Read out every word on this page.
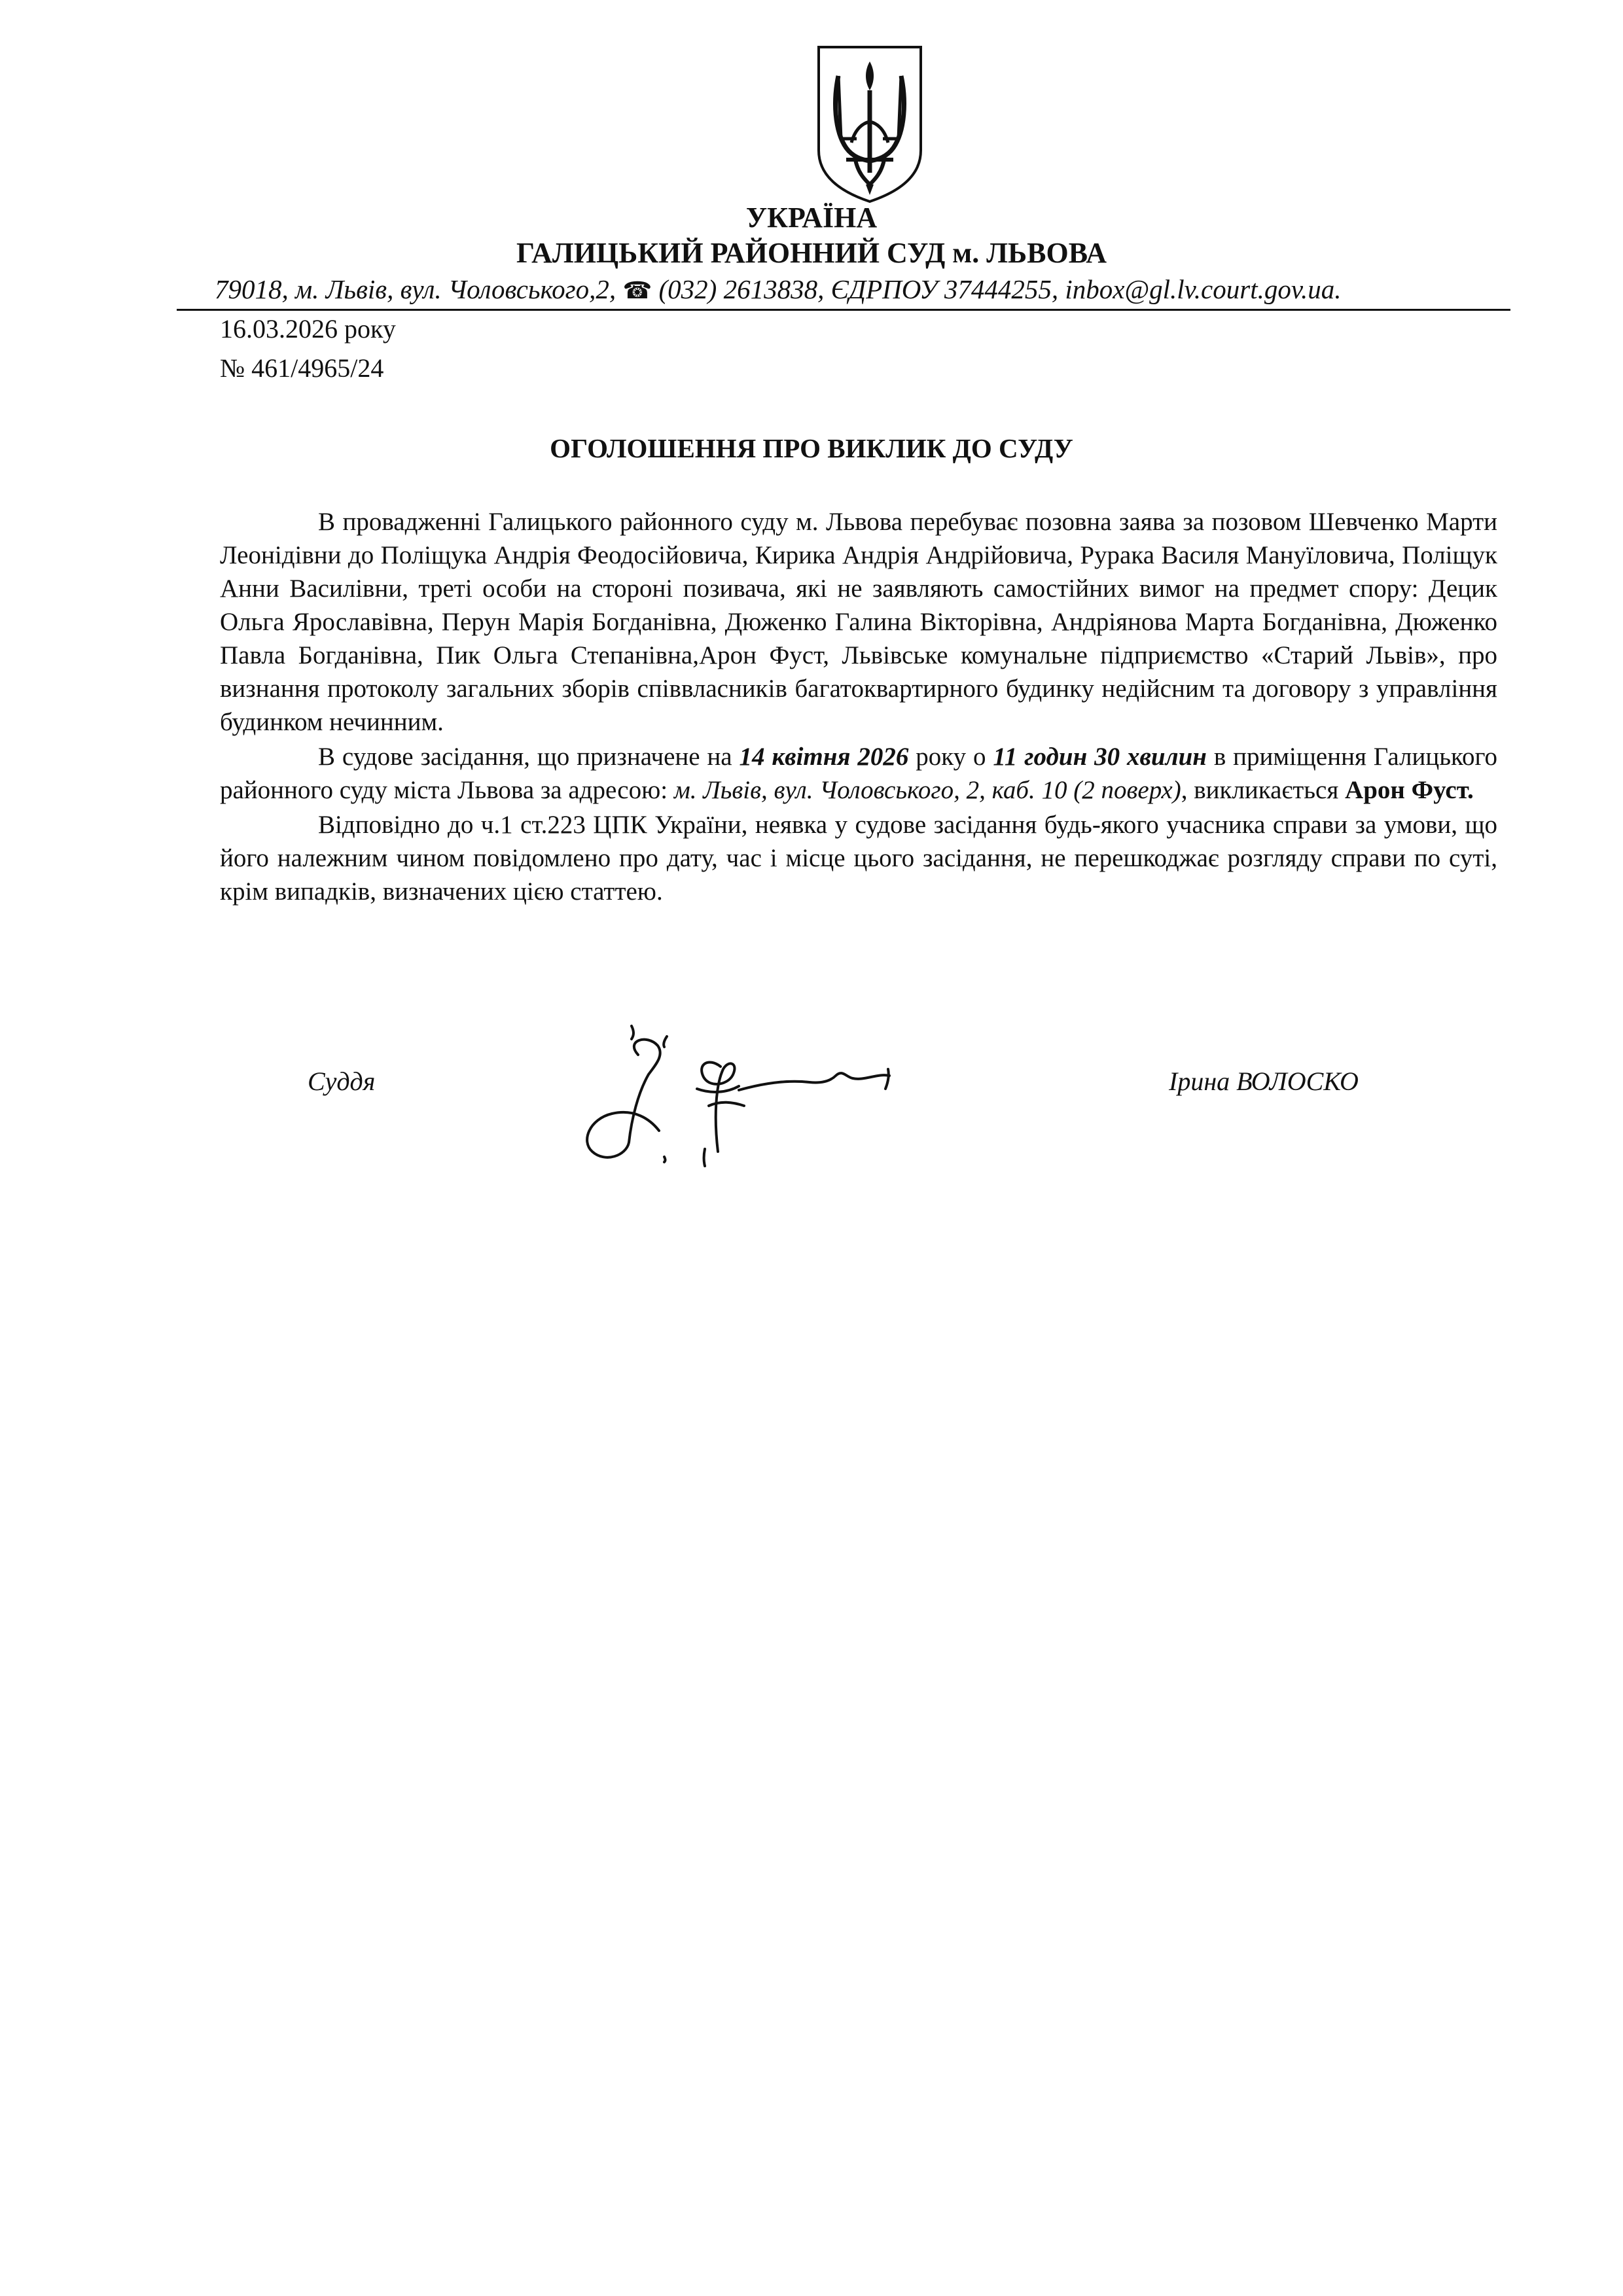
УКРАЇНА

ГАЛИЦЬКИЙ РАЙОННИЙ СУД м. ЛЬВОВА

79018, м. Львів, вул. Чоловського,2, ☎ (032) 2613838, ЄДРПОУ 37444255, inbox@gl.lv.court.gov.ua.

16.03.2026 року

№ 461/4965/24

ОГОЛОШЕННЯ ПРО ВИКЛИК ДО СУДУ

В провадженні Галицького районного суду м. Львова перебуває позовна заява за позовом Шевченко Марти Леонідівни до Поліщука Андрія Феодосійовича, Кирика Андрія Андрійовича, Рурака Василя Мануїловича, Поліщук Анни Василівни, треті особи на стороні позивача, які не заявляють самостійних вимог на предмет спору: Децик Ольга Ярославівна, Перун Марія Богданівна, Дюженко Галина Вікторівна, Андріянова Марта Богданівна, Дюженко Павла Богданівна, Пик Ольга Степанівна,Арон Фуст, Львівське комунальне підприємство «Старий Львів», про визнання протоколу загальних зборів співвласників багатоквартирного будинку недійсним та договору з управління будинком нечинним.

В судове засідання, що призначене на 14 квітня 2026 року о 11 годин 30 хвилин в приміщення Галицького районного суду міста Львова за адресою: м. Львів, вул. Чоловського, 2, каб. 10 (2 поверх), викликається Арон Фуст.

Відповідно до ч.1 ст.223 ЦПК України, неявка у судове засідання будь-якого учасника справи за умови, що його належним чином повідомлено про дату, час і місце цього засідання, не перешкоджає розгляду справи по суті, крім випадків, визначених цією статтею.

Суддя	Ірина ВОЛОСКО
